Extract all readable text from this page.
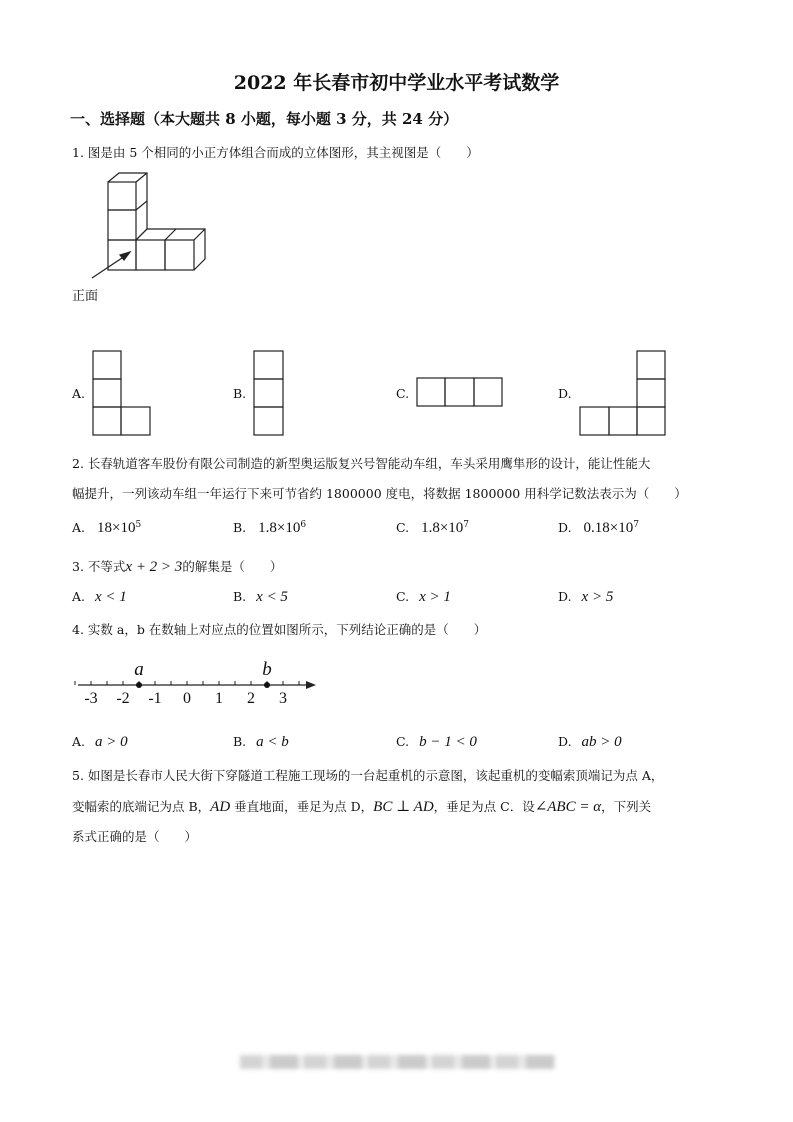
2022 年长春市初中学业水平考试数学
一、选择题（本大题共 8 小题，每小题 3 分，共 24 分）
1. 图是由 5 个相同的小正方体组合而成的立体图形，其主视图是（　　）
正面
A.	B.	C.	D.
2. 长春轨道客车股份有限公司制造的新型奥运版复兴号智能动车组，车头采用鹰隼形的设计，能让性能大
幅提升，一列该动车组一年运行下来可节省约 1800000 度电，将数据 1800000 用科学记数法表示为（　　）
A. $18\times 10^5$	B. $1.8\times 10^6$	C. $1.8\times 10^7$	D. $0.18\times 10^7$
3. 不等式x + 2 > 3的解集是（　　）
A. x < 1	B. x < 5	C. x > 1	D. x > 5
4. 实数 a，b 在数轴上对应点的位置如图所示，下列结论正确的是（　　）
-3 -2 -1 0 1 2 3
a	b
A. a > 0	B. a < b	C. b − 1 < 0	D. ab > 0
5. 如图是长春市人民大街下穿隧道工程施工现场的一台起重机的示意图，该起重机的变幅索顶端记为点 A，
变幅索的底端记为点 B，AD 垂直地面，垂足为点 D，BC ⊥ AD，垂足为点 C．设∠ABC = α，下列关
系式正确的是（　　）
